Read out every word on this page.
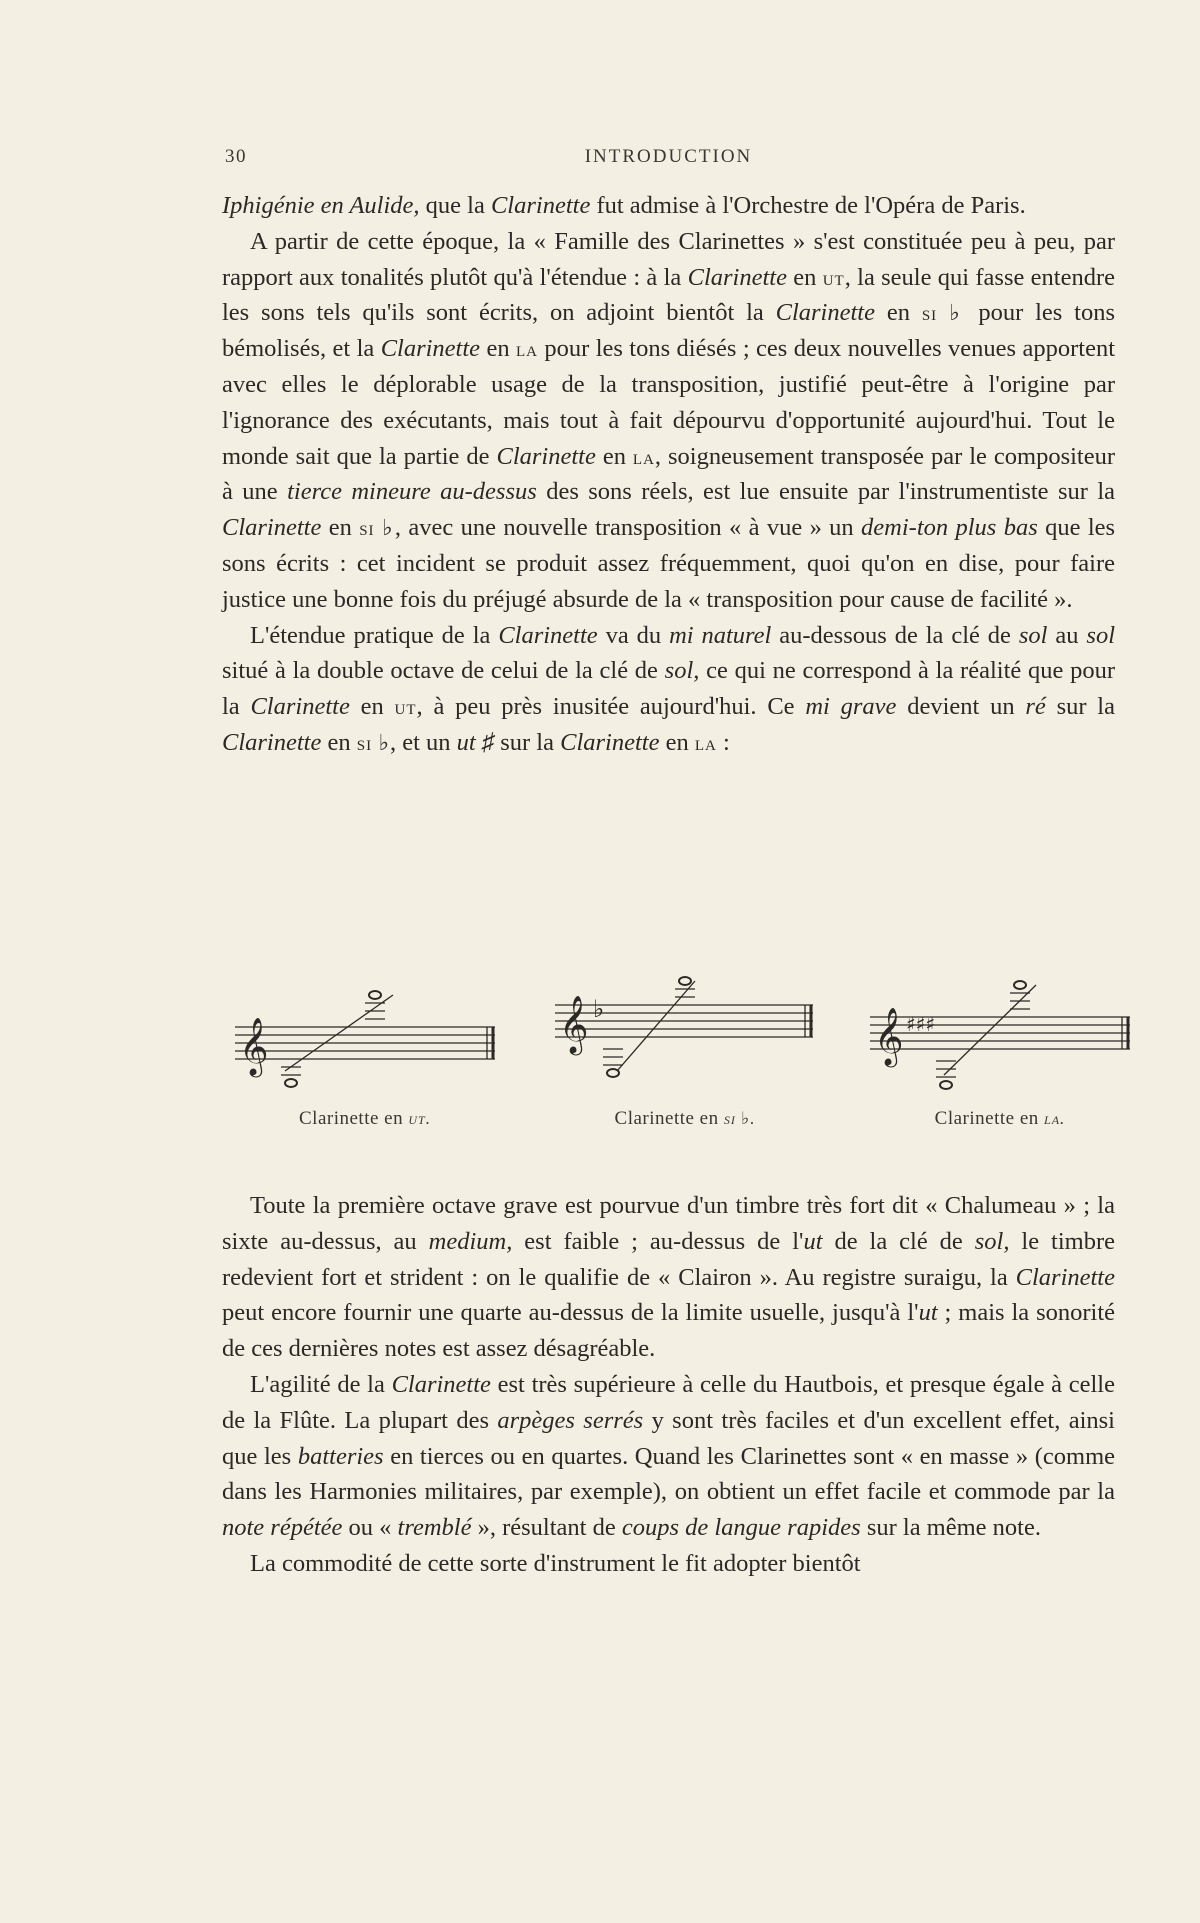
30	INTRODUCTION

Iphigénie en Aulide, que la Clarinette fut admise à l'Orchestre de l'Opéra de Paris.

A partir de cette époque, la « Famille des Clarinettes » s'est constituée peu à peu, par rapport aux tonalités plutôt qu'à l'étendue : à la Clarinette en ut, la seule qui fasse entendre les sons tels qu'ils sont écrits, on adjoint bientôt la Clarinette en si ♭ pour les tons bémolisés, et la Clarinette en la pour les tons diésés ; ces deux nouvelles venues apportent avec elles le déplorable usage de la transposition, justifié peut-être à l'origine par l'ignorance des exécutants, mais tout à fait dépourvu d'opportunité aujourd'hui. Tout le monde sait que la partie de Clarinette en la, soigneusement transposée par le compositeur à une tierce mineure au-dessus des sons réels, est lue ensuite par l'instrumentiste sur la Clarinette en si ♭, avec une nouvelle transposition « à vue » un demi-ton plus bas que les sons écrits : cet incident se produit assez fréquemment, quoi qu'on en dise, pour faire justice une bonne fois du préjugé absurde de la « transposition pour cause de facilité ».

L'étendue pratique de la Clarinette va du mi naturel au-dessous de la clé de sol au sol situé à la double octave de celui de la clé de sol, ce qui ne correspond à la réalité que pour la Clarinette en ut, à peu près inusitée aujourd'hui. Ce mi grave devient un ré sur la Clarinette en si ♭, et un ut ♯ sur la Clarinette en la :

𝄞
Clarinette en ut.
𝄞 ♭
Clarinette en si ♭.
𝄞 ♯♯♯
Clarinette en la.

Toute la première octave grave est pourvue d'un timbre très fort dit « Chalumeau » ; la sixte au-dessus, au medium, est faible ; au-dessus de l'ut de la clé de sol, le timbre redevient fort et strident : on le qualifie de « Clairon ». Au registre suraigu, la Clarinette peut encore fournir une quarte au-dessus de la limite usuelle, jusqu'à l'ut ; mais la sonorité de ces dernières notes est assez désagréable.

L'agilité de la Clarinette est très supérieure à celle du Hautbois, et presque égale à celle de la Flûte. La plupart des arpèges serrés y sont très faciles et d'un excellent effet, ainsi que les batteries en tierces ou en quartes. Quand les Clarinettes sont « en masse » (comme dans les Harmonies militaires, par exemple), on obtient un effet facile et commode par la note répétée ou « tremblé », résultant de coups de langue rapides sur la même note.

La commodité de cette sorte d'instrument le fit adopter bientôt
